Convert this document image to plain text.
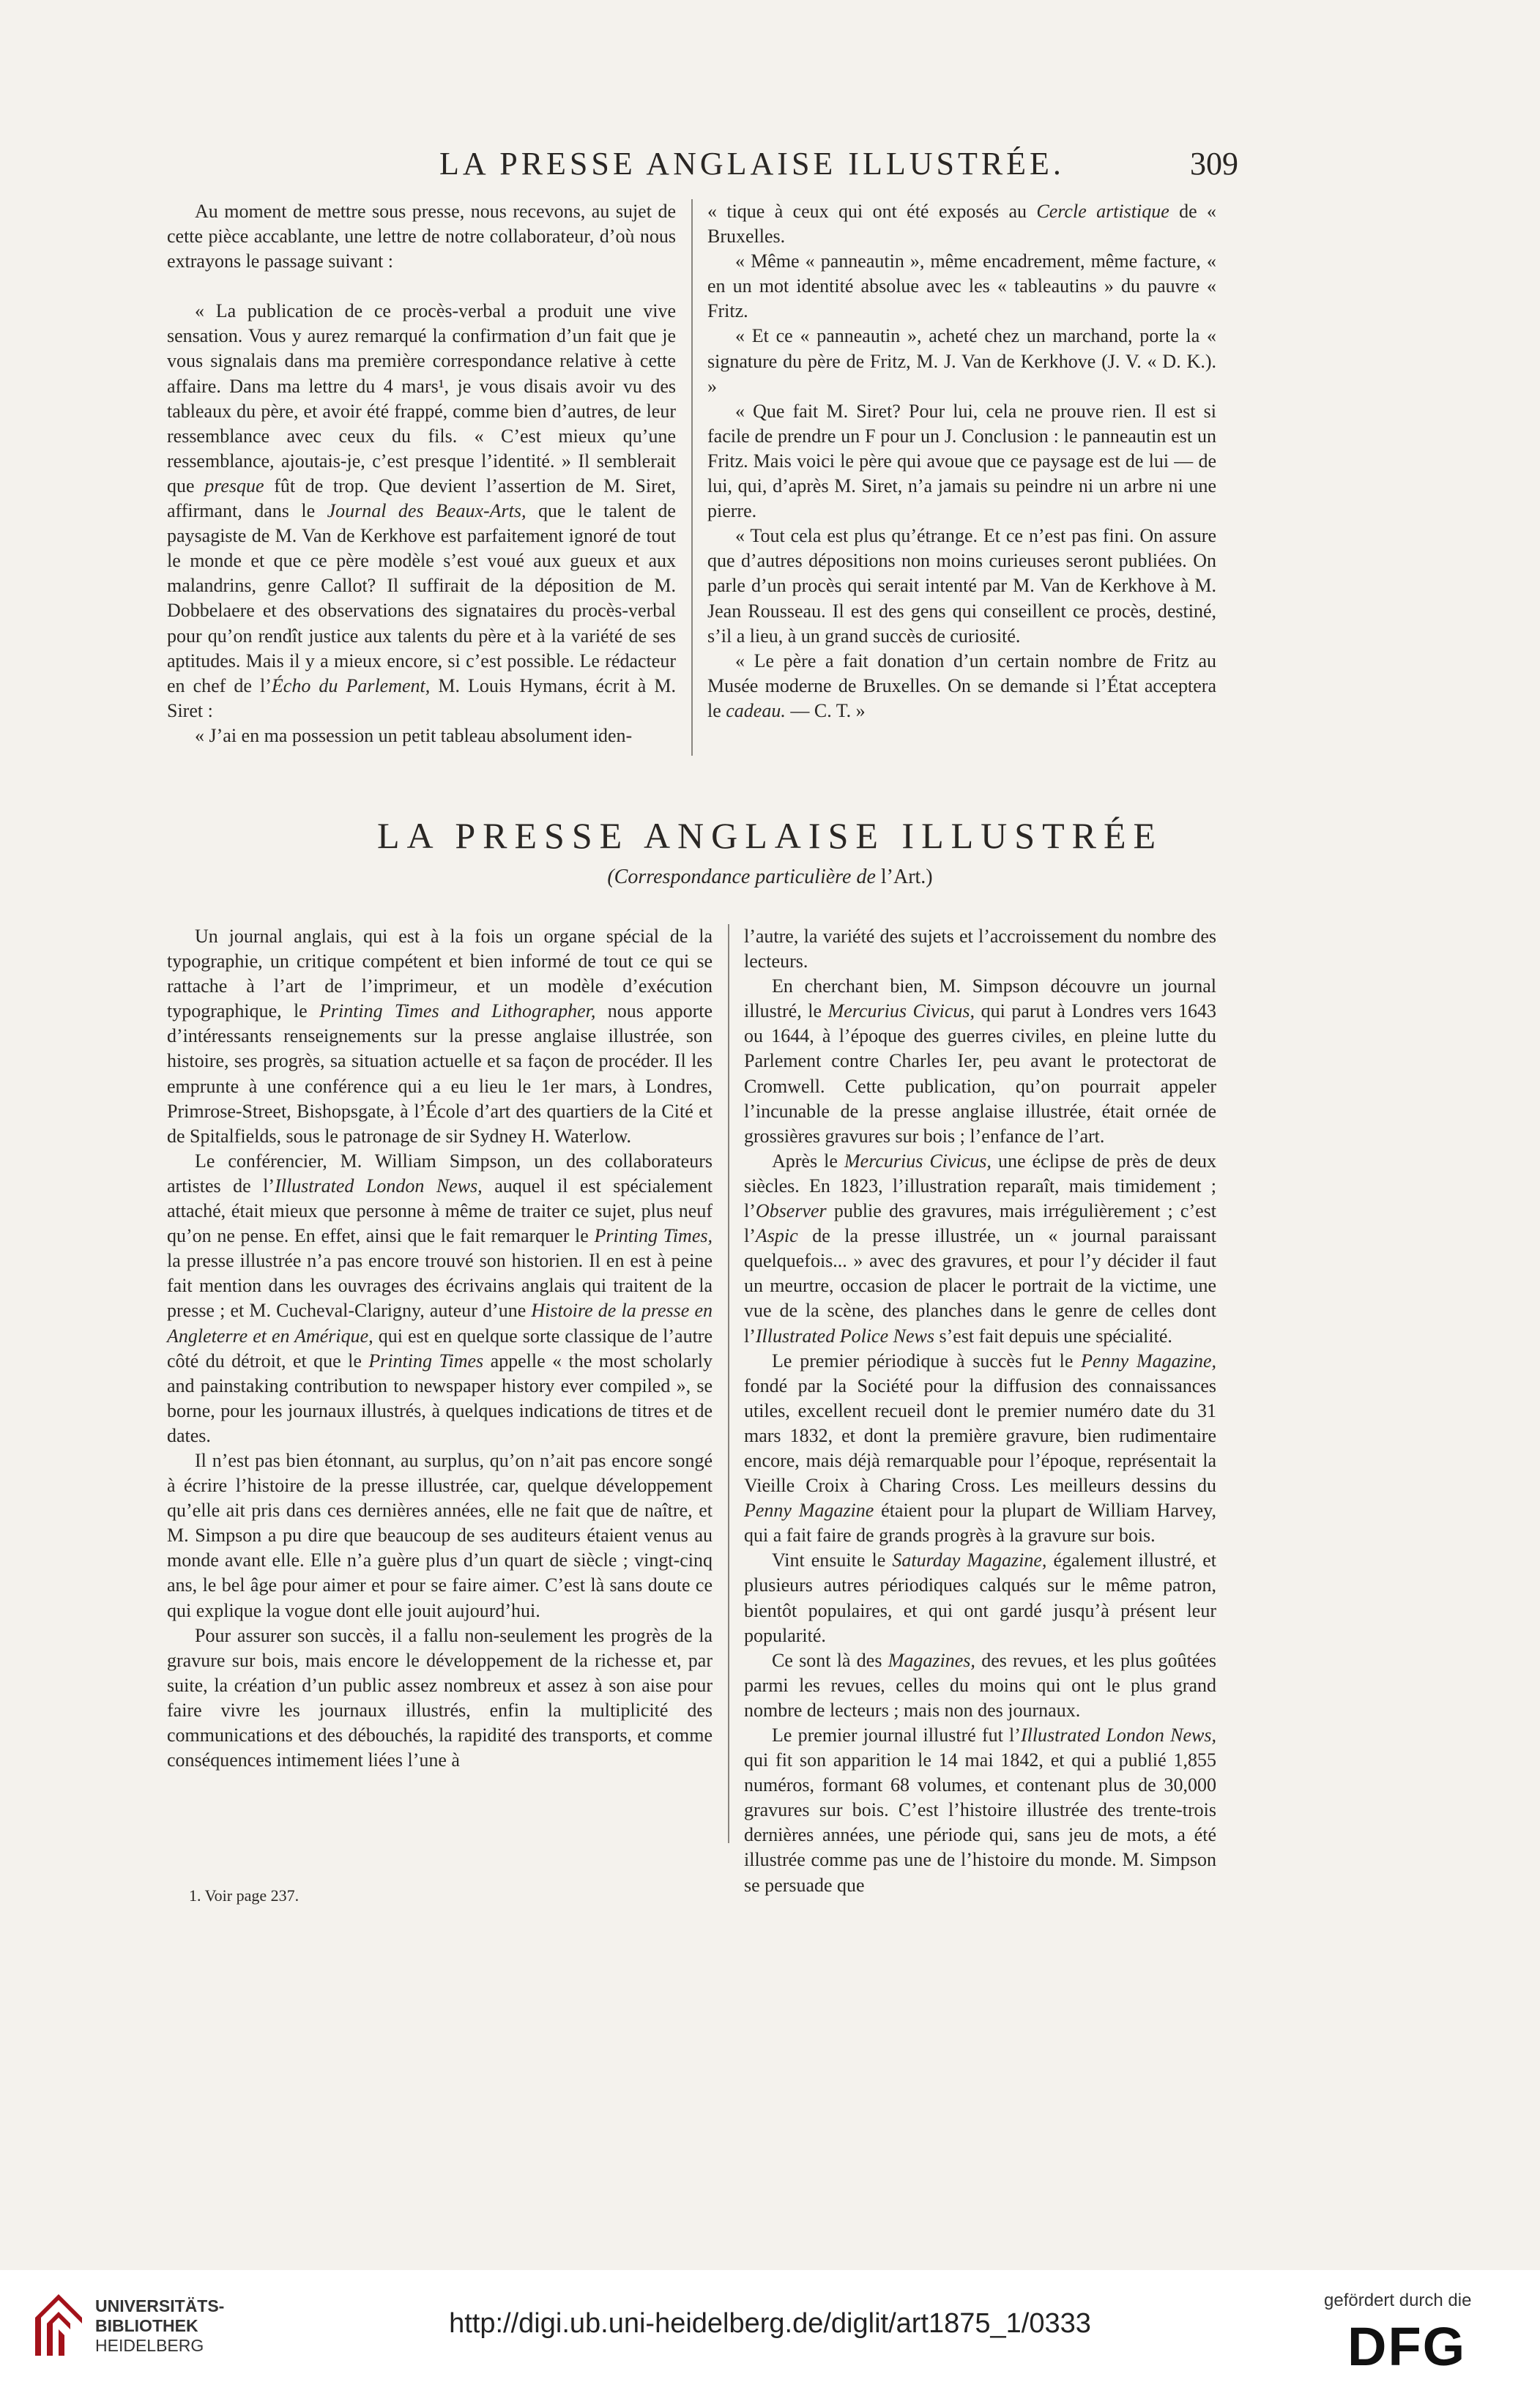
LA PRESSE ANGLAISE ILLUSTRÉE.	309

Au moment de mettre sous presse, nous recevons, au sujet de cette pièce accablante, une lettre de notre collaborateur, d’où nous extrayons le passage suivant :

« La publication de ce procès-verbal a produit une vive sensation. Vous y aurez remarqué la confirmation d’un fait que je vous signalais dans ma première correspondance relative à cette affaire. Dans ma lettre du 4 mars¹, je vous disais avoir vu des tableaux du père, et avoir été frappé, comme bien d’autres, de leur ressemblance avec ceux du fils. « C’est mieux qu’une ressemblance, ajoutais-je, c’est presque l’identité. » Il semblerait que presque fût de trop. Que devient l’assertion de M. Siret, affirmant, dans le Journal des Beaux-Arts, que le talent de paysagiste de M. Van de Kerkhove est parfaitement ignoré de tout le monde et que ce père modèle s’est voué aux gueux et aux malandrins, genre Callot? Il suffirait de la déposition de M. Dobbelaere et des observations des signataires du procès-verbal pour qu’on rendît justice aux talents du père et à la variété de ses aptitudes. Mais il y a mieux encore, si c’est possible. Le rédacteur en chef de l’Écho du Parlement, M. Louis Hymans, écrit à M. Siret :

« J’ai en ma possession un petit tableau absolument iden-

« tique à ceux qui ont été exposés au Cercle artistique de « Bruxelles.

« Même « panneautin », même encadrement, même facture, « en un mot identité absolue avec les « tableautins » du pauvre « Fritz.

« Et ce « panneautin », acheté chez un marchand, porte la « signature du père de Fritz, M. J. Van de Kerkhove (J. V. « D. K.). »

« Que fait M. Siret? Pour lui, cela ne prouve rien. Il est si facile de prendre un F pour un J. Conclusion : le panneautin est un Fritz. Mais voici le père qui avoue que ce paysage est de lui — de lui, qui, d’après M. Siret, n’a jamais su peindre ni un arbre ni une pierre.

« Tout cela est plus qu’étrange. Et ce n’est pas fini. On assure que d’autres dépositions non moins curieuses seront publiées. On parle d’un procès qui serait intenté par M. Van de Kerkhove à M. Jean Rousseau. Il est des gens qui conseillent ce procès, destiné, s’il a lieu, à un grand succès de curiosité.

« Le père a fait donation d’un certain nombre de Fritz au Musée moderne de Bruxelles. On se demande si l’État acceptera le cadeau. — C. T. »

LA PRESSE ANGLAISE ILLUSTRÉE
(Correspondance particulière de l’Art.)

Un journal anglais, qui est à la fois un organe spécial de la typographie, un critique compétent et bien informé de tout ce qui se rattache à l’art de l’imprimeur, et un modèle d’exécution typographique, le Printing Times and Lithographer, nous apporte d’intéressants renseignements sur la presse anglaise illustrée, son histoire, ses progrès, sa situation actuelle et sa façon de procéder. Il les emprunte à une conférence qui a eu lieu le 1er mars, à Londres, Primrose-Street, Bishopsgate, à l’École d’art des quartiers de la Cité et de Spitalfields, sous le patronage de sir Sydney H. Waterlow.

Le conférencier, M. William Simpson, un des collaborateurs artistes de l’Illustrated London News, auquel il est spécialement attaché, était mieux que personne à même de traiter ce sujet, plus neuf qu’on ne pense. En effet, ainsi que le fait remarquer le Printing Times, la presse illustrée n’a pas encore trouvé son historien. Il en est à peine fait mention dans les ouvrages des écrivains anglais qui traitent de la presse ; et M. Cucheval-Clarigny, auteur d’une Histoire de la presse en Angleterre et en Amérique, qui est en quelque sorte classique de l’autre côté du détroit, et que le Printing Times appelle « the most scholarly and painstaking contribution to newspaper history ever compiled », se borne, pour les journaux illustrés, à quelques indications de titres et de dates.

Il n’est pas bien étonnant, au surplus, qu’on n’ait pas encore songé à écrire l’histoire de la presse illustrée, car, quelque développement qu’elle ait pris dans ces dernières années, elle ne fait que de naître, et M. Simpson a pu dire que beaucoup de ses auditeurs étaient venus au monde avant elle. Elle n’a guère plus d’un quart de siècle ; vingt-cinq ans, le bel âge pour aimer et pour se faire aimer. C’est là sans doute ce qui explique la vogue dont elle jouit aujourd’hui.

Pour assurer son succès, il a fallu non-seulement les progrès de la gravure sur bois, mais encore le développement de la richesse et, par suite, la création d’un public assez nombreux et assez à son aise pour faire vivre les journaux illustrés, enfin la multiplicité des communications et des débouchés, la rapidité des transports, et comme conséquences intimement liées l’une à

l’autre, la variété des sujets et l’accroissement du nombre des lecteurs.

En cherchant bien, M. Simpson découvre un journal illustré, le Mercurius Civicus, qui parut à Londres vers 1643 ou 1644, à l’époque des guerres civiles, en pleine lutte du Parlement contre Charles Ier, peu avant le protectorat de Cromwell. Cette publication, qu’on pourrait appeler l’incunable de la presse anglaise illustrée, était ornée de grossières gravures sur bois ; l’enfance de l’art.

Après le Mercurius Civicus, une éclipse de près de deux siècles. En 1823, l’illustration reparaît, mais timidement ; l’Observer publie des gravures, mais irrégulièrement ; c’est l’Aspic de la presse illustrée, un « journal paraissant quelquefois... » avec des gravures, et pour l’y décider il faut un meurtre, occasion de placer le portrait de la victime, une vue de la scène, des planches dans le genre de celles dont l’Illustrated Police News s’est fait depuis une spécialité.

Le premier périodique à succès fut le Penny Magazine, fondé par la Société pour la diffusion des connaissances utiles, excellent recueil dont le premier numéro date du 31 mars 1832, et dont la première gravure, bien rudimentaire encore, mais déjà remarquable pour l’époque, représentait la Vieille Croix à Charing Cross. Les meilleurs dessins du Penny Magazine étaient pour la plupart de William Harvey, qui a fait faire de grands progrès à la gravure sur bois.

Vint ensuite le Saturday Magazine, également illustré, et plusieurs autres périodiques calqués sur le même patron, bientôt populaires, et qui ont gardé jusqu’à présent leur popularité.

Ce sont là des Magazines, des revues, et les plus goûtées parmi les revues, celles du moins qui ont le plus grand nombre de lecteurs ; mais non des journaux.

Le premier journal illustré fut l’Illustrated London News, qui fit son apparition le 14 mai 1842, et qui a publié 1,855 numéros, formant 68 volumes, et contenant plus de 30,000 gravures sur bois. C’est l’histoire illustrée des trente-trois dernières années, une période qui, sans jeu de mots, a été illustrée comme pas une de l’histoire du monde. M. Simpson se persuade que

1. Voir page 237.
UNIVERSITÄTS-
BIBLIOTHEK
HEIDELBERG
http://digi.ub.uni-heidelberg.de/diglit/art1875_1/0333
gefördert durch die
DFG
